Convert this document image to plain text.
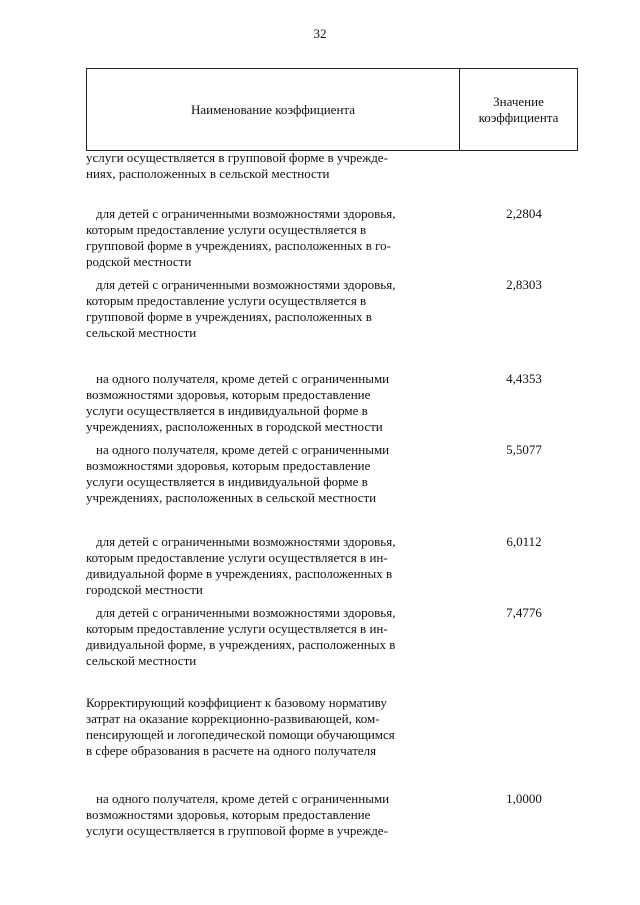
32
Наименование коэффициента
Значение
коэффициента
услуги осуществляется в групповой форме в учрежде-
ниях, расположенных в сельской местности
для детей с ограниченными возможностями здоровья,
которым предоставление услуги осуществляется в
групповой форме в учреждениях, расположенных в го-
родской местности
2,2804
для детей с ограниченными возможностями здоровья,
которым предоставление услуги осуществляется в
групповой форме в учреждениях, расположенных в
сельской местности
2,8303
на одного получателя, кроме детей с ограниченными
возможностями здоровья, которым предоставление
услуги осуществляется в индивидуальной форме в
учреждениях, расположенных в городской местности
4,4353
на одного получателя, кроме детей с ограниченными
возможностями здоровья, которым предоставление
услуги осуществляется в индивидуальной форме в
учреждениях, расположенных в сельской местности
5,5077
для детей с ограниченными возможностями здоровья,
которым предоставление услуги осуществляется в ин-
дивидуальной форме в учреждениях, расположенных в
городской местности
6,0112
для детей с ограниченными возможностями здоровья,
которым предоставление услуги осуществляется в ин-
дивидуальной форме, в учреждениях, расположенных в
сельской местности
7,4776
Корректирующий коэффициент к базовому нормативу
затрат на оказание коррекционно-развивающей, ком-
пенсирующей и логопедической помощи обучающимся
в сфере образования в расчете на одного получателя
на одного получателя, кроме детей с ограниченными
возможностями здоровья, которым предоставление
услуги осуществляется в групповой форме в учрежде-
1,0000
